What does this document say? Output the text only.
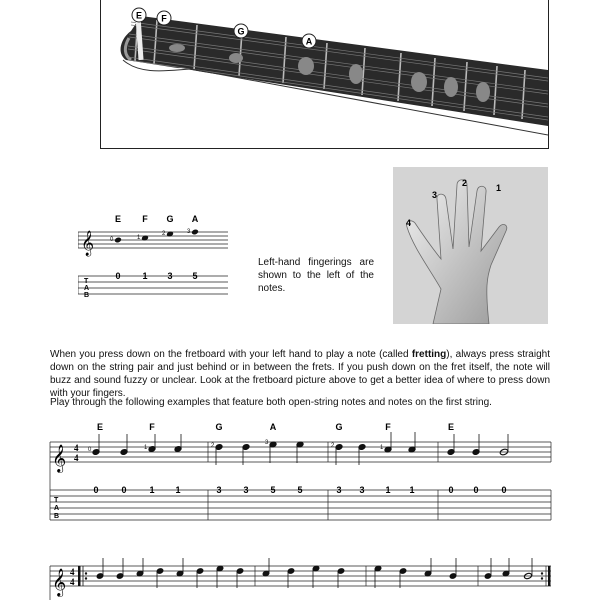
E F
G
A
𝄞
E F G A
0	1
2	3
T
A
B
0 1 3 5
Left-hand fingerings are shown to the left of the notes.
4
3
2	1
When you press down on the fretboard with your left hand to play a note (called fretting), always press straight down on the string pair and just behind or in between the frets. If you push down on the fret itself, the note will buzz and sound fuzzy or unclear. Look at the fretboard picture above to get a better idea of where to press down with your fingers.
Play through the following examples that feature both open-string notes and notes on the first string.
𝄞 4
4
E	F	G	A	G	F	E
0	1	2	3	2	1
T
A
B
0	0	1 1	3 3 5 5	3 3 1 1	0 0	0
𝄞 4
4
